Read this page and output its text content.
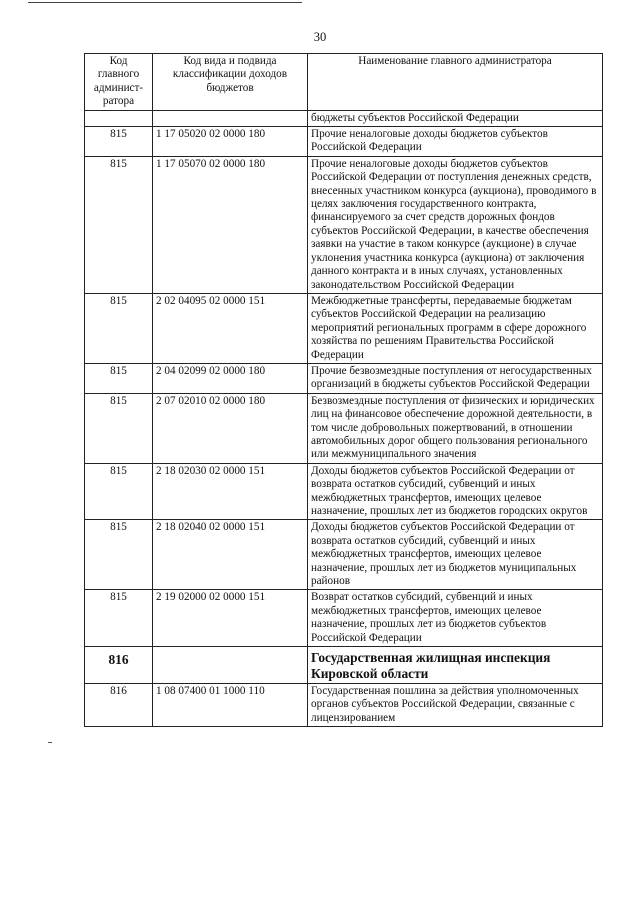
30
Код главного админист-ратора	Код вида и подвида классификации доходов бюджетов	Наименование главного администратора
		бюджеты субъектов Российской Федерации
815	1 17 05020 02 0000 180	Прочие неналоговые доходы бюджетов субъектов Российской Федерации
815	1 17 05070 02 0000 180	Прочие неналоговые доходы бюджетов субъектов Российской Федерации от поступления денежных средств, внесенных участником конкурса (аукциона), проводимого в целях заключения государственного контракта, финансируемого за счет средств дорожных фондов субъектов Российской Федерации, в качестве обеспечения заявки на участие в таком конкурсе (аукционе) в случае уклонения участника конкурса (аукциона) от заключения данного контракта и в иных случаях, установленных законодательством Российской Федерации
815	2 02 04095 02 0000 151	Межбюджетные трансферты, передаваемые бюджетам субъектов Российской Федерации на реализацию мероприятий региональных программ в сфере дорожного хозяйства по решениям Правительства Российской Федерации
815	2 04 02099 02 0000 180	Прочие безвозмездные поступления от негосударственных организаций в бюджеты субъектов Российской Федерации
815	2 07 02010 02 0000 180	Безвозмездные поступления от физических и юридических лиц на финансовое обеспечение дорожной деятельности, в том числе добровольных пожертвований, в отношении автомобильных дорог общего пользования регионального или межмуниципального значения
815	2 18 02030 02 0000 151	Доходы бюджетов субъектов Российской Федерации от возврата остатков субсидий, субвенций и иных межбюджетных трансфертов, имеющих целевое назначение, прошлых лет из бюджетов городских округов
815	2 18 02040 02 0000 151	Доходы бюджетов субъектов Российской Федерации от возврата остатков субсидий, субвенций и иных межбюджетных трансфертов, имеющих целевое назначение, прошлых лет из бюджетов муниципальных районов
815	2 19 02000 02 0000 151	Возврат остатков субсидий, субвенций и иных межбюджетных трансфертов, имеющих целевое назначение, прошлых лет из бюджетов субъектов Российской Федерации
816		Государственная жилищная инспекция Кировской области
816	1 08 07400 01 1000 110	Государственная пошлина за действия уполномоченных органов субъектов Российской Федерации, связанные с лицензированием
